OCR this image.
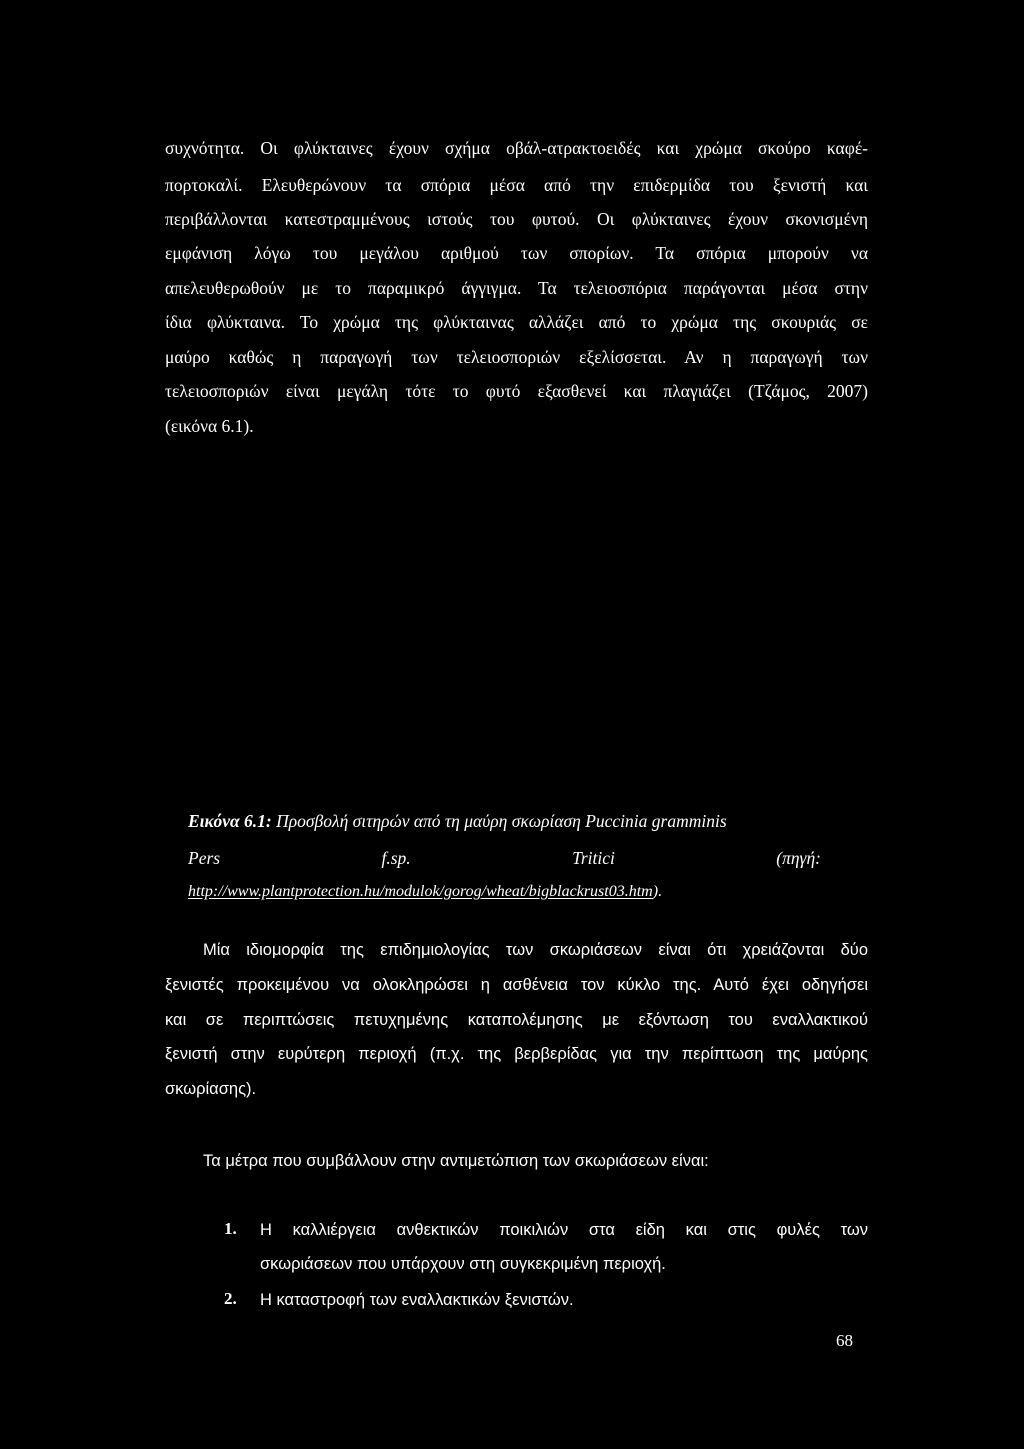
συχνότητα. Οι φλύκταινες έχουν σχήμα οβάλ-ατρακτοειδές και χρώμα σκούρο καφέ-
πορτοκαλί. Ελευθερώνουν τα σπόρια μέσα από την επιδερμίδα του ξενιστή και
περιβάλλονται κατεστραμμένους ιστούς του φυτού. Οι φλύκταινες έχουν σκονισμένη
εμφάνιση λόγω του μεγάλου αριθμού των σπορίων. Τα σπόρια μπορούν να
απελευθερωθούν με το παραμικρό άγγιγμα. Τα τελειοσπόρια παράγονται μέσα στην
ίδια φλύκταινα. Το χρώμα της φλύκταινας αλλάζει από το χρώμα της σκουριάς σε
μαύρο καθώς η παραγωγή των τελειοσποριών εξελίσσεται. Αν η παραγωγή των
τελειοσποριών είναι μεγάλη τότε το φυτό εξασθενεί και πλαγιάζει (Τζάμος, 2007)
(εικόνα 6.1).
Εικόνα 6.1: Προσβολή σιτηρών από τη μαύρη σκωρίαση Puccinia gramminis
Pers	f.sp.	Tritici	(πηγή:
http://www.plantprotection.hu/modulok/gorog/wheat/bigblackrust03.htm).
Μία ιδιομορφία της επιδημιολογίας των σκωριάσεων είναι ότι χρειάζονται δύο
ξενιστές προκειμένου να ολοκληρώσει η ασθένεια τον κύκλο της. Αυτό έχει οδηγήσει
και σε περιπτώσεις πετυχημένης καταπολέμησης με εξόντωση του εναλλακτικού
ξενιστή στην ευρύτερη περιοχή (π.χ. της βερβερίδας για την περίπτωση της μαύρης
σκωρίασης).
Τα μέτρα που συμβάλλουν στην αντιμετώπιση των σκωριάσεων είναι:
1. Η καλλιέργεια ανθεκτικών ποικιλιών στα είδη και στις φυλές των
σκωριάσεων που υπάρχουν στη συγκεκριμένη περιοχή.
2. Η καταστροφή των εναλλακτικών ξενιστών.
68
